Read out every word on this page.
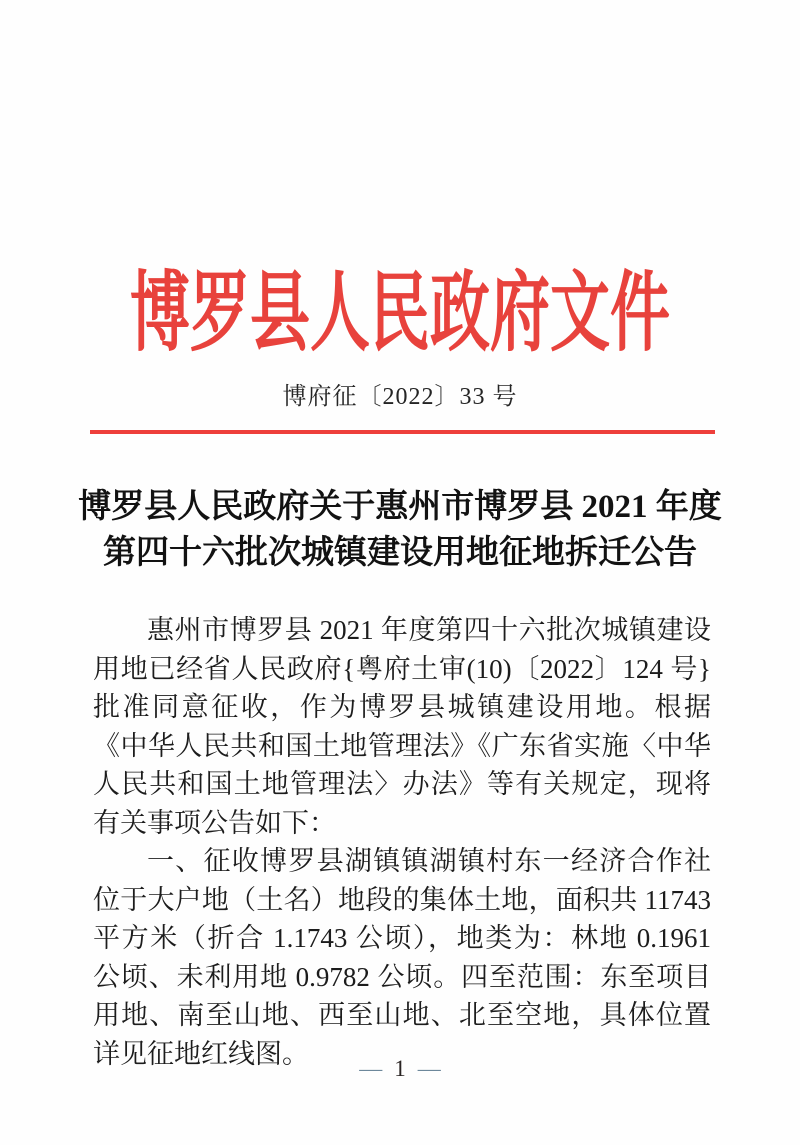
博罗县人民政府文件
博府征〔2022〕33 号
博罗县人民政府关于惠州市博罗县 2021 年度
第四十六批次城镇建设用地征地拆迁公告

惠州市博罗县 2021 年度第四十六批次城镇建设用地已经省人民政府{粤府土审(10)〔2022〕124 号}批准同意征收，作为博罗县城镇建设用地。根据《中华人民共和国土地管理法》《广东省实施〈中华人民共和国土地管理法〉办法》等有关规定，现将有关事项公告如下：

一、征收博罗县湖镇镇湖镇村东一经济合作社位于大户地（土名）地段的集体土地，面积共 11743 平方米（折合 1.1743 公顷），地类为：林地 0.1961 公顷、未利用地 0.9782 公顷。四至范围：东至项目用地、南至山地、西至山地、北至空地，具体位置详见征地红线图。	— 1 —
